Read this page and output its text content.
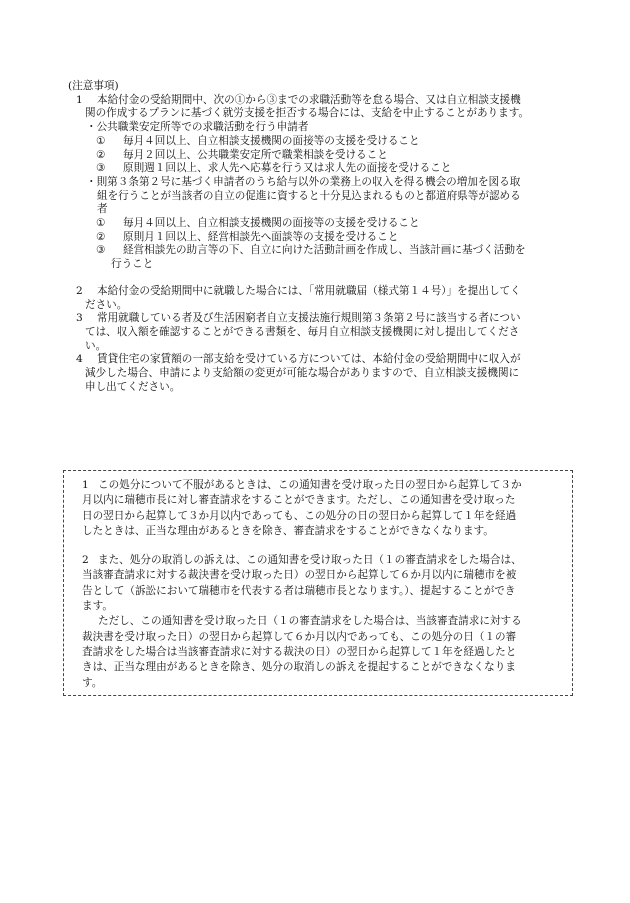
(注意事項)
1	本給付金の受給期間中、次の①から③までの求職活動等を怠る場合、又は自立相談支援機
関の作成するプランに基づく就労支援を拒否する場合には、支給を中止することがあります。
・公共職業安定所等での求職活動を行う申請者
① 毎月４回以上、自立相談支援機関の面接等の支援を受けること
② 毎月２回以上、公共職業安定所で職業相談を受けること
③ 原則週１回以上、求人先へ応募を行う又は求人先の面接を受けること
・則第３条第２号に基づく申請者のうち給与以外の業務上の収入を得る機会の増加を図る取
組を行うことが当該者の自立の促進に資すると十分見込まれるものと都道府県等が認める
者
① 毎月４回以上、自立相談支援機関の面接等の支援を受けること
② 原則月１回以上、経営相談先へ面談等の支援を受けること
③ 経営相談先の助言等の下、自立に向けた活動計画を作成し、当該計画に基づく活動を
行うこと
2	本給付金の受給期間中に就職した場合には、「常用就職届（様式第１４号）」を提出してく
ださい。
3	常用就職している者及び生活困窮者自立支援法施行規則第３条第２号に該当する者につい
ては、収入額を確認することができる書類を、毎月自立相談支援機関に対し提出してくださ
い。
4	賃貸住宅の家賃額の一部支給を受けている方については、本給付金の受給期間中に収入が
減少した場合、申請により支給額の変更が可能な場合がありますので、自立相談支援機関に
申し出てください。
1 この処分について不服があるときは、この通知書を受け取った日の翌日から起算して３か
月以内に瑞穂市長に対し審査請求をすることができます。ただし、この通知書を受け取った
日の翌日から起算して３か月以内であっても、この処分の日の翌日から起算して１年を経過
したときは、正当な理由があるときを除き、審査請求をすることができなくなります。
2 また、処分の取消しの訴えは、この通知書を受け取った日（１の審査請求をした場合は、
当該審査請求に対する裁決書を受け取った日）の翌日から起算して６か月以内に瑞穂市を被
告として（訴訟において瑞穂市を代表する者は瑞穂市長となります。）、提起することができ
ます。
ただし、この通知書を受け取った日（１の審査請求をした場合は、当該審査請求に対する
裁決書を受け取った日）の翌日から起算して６か月以内であっても、この処分の日（１の審
査請求をした場合は当該審査請求に対する裁決の日）の翌日から起算して１年を経過したと
きは、正当な理由があるときを除き、処分の取消しの訴えを提起することができなくなりま
す。
